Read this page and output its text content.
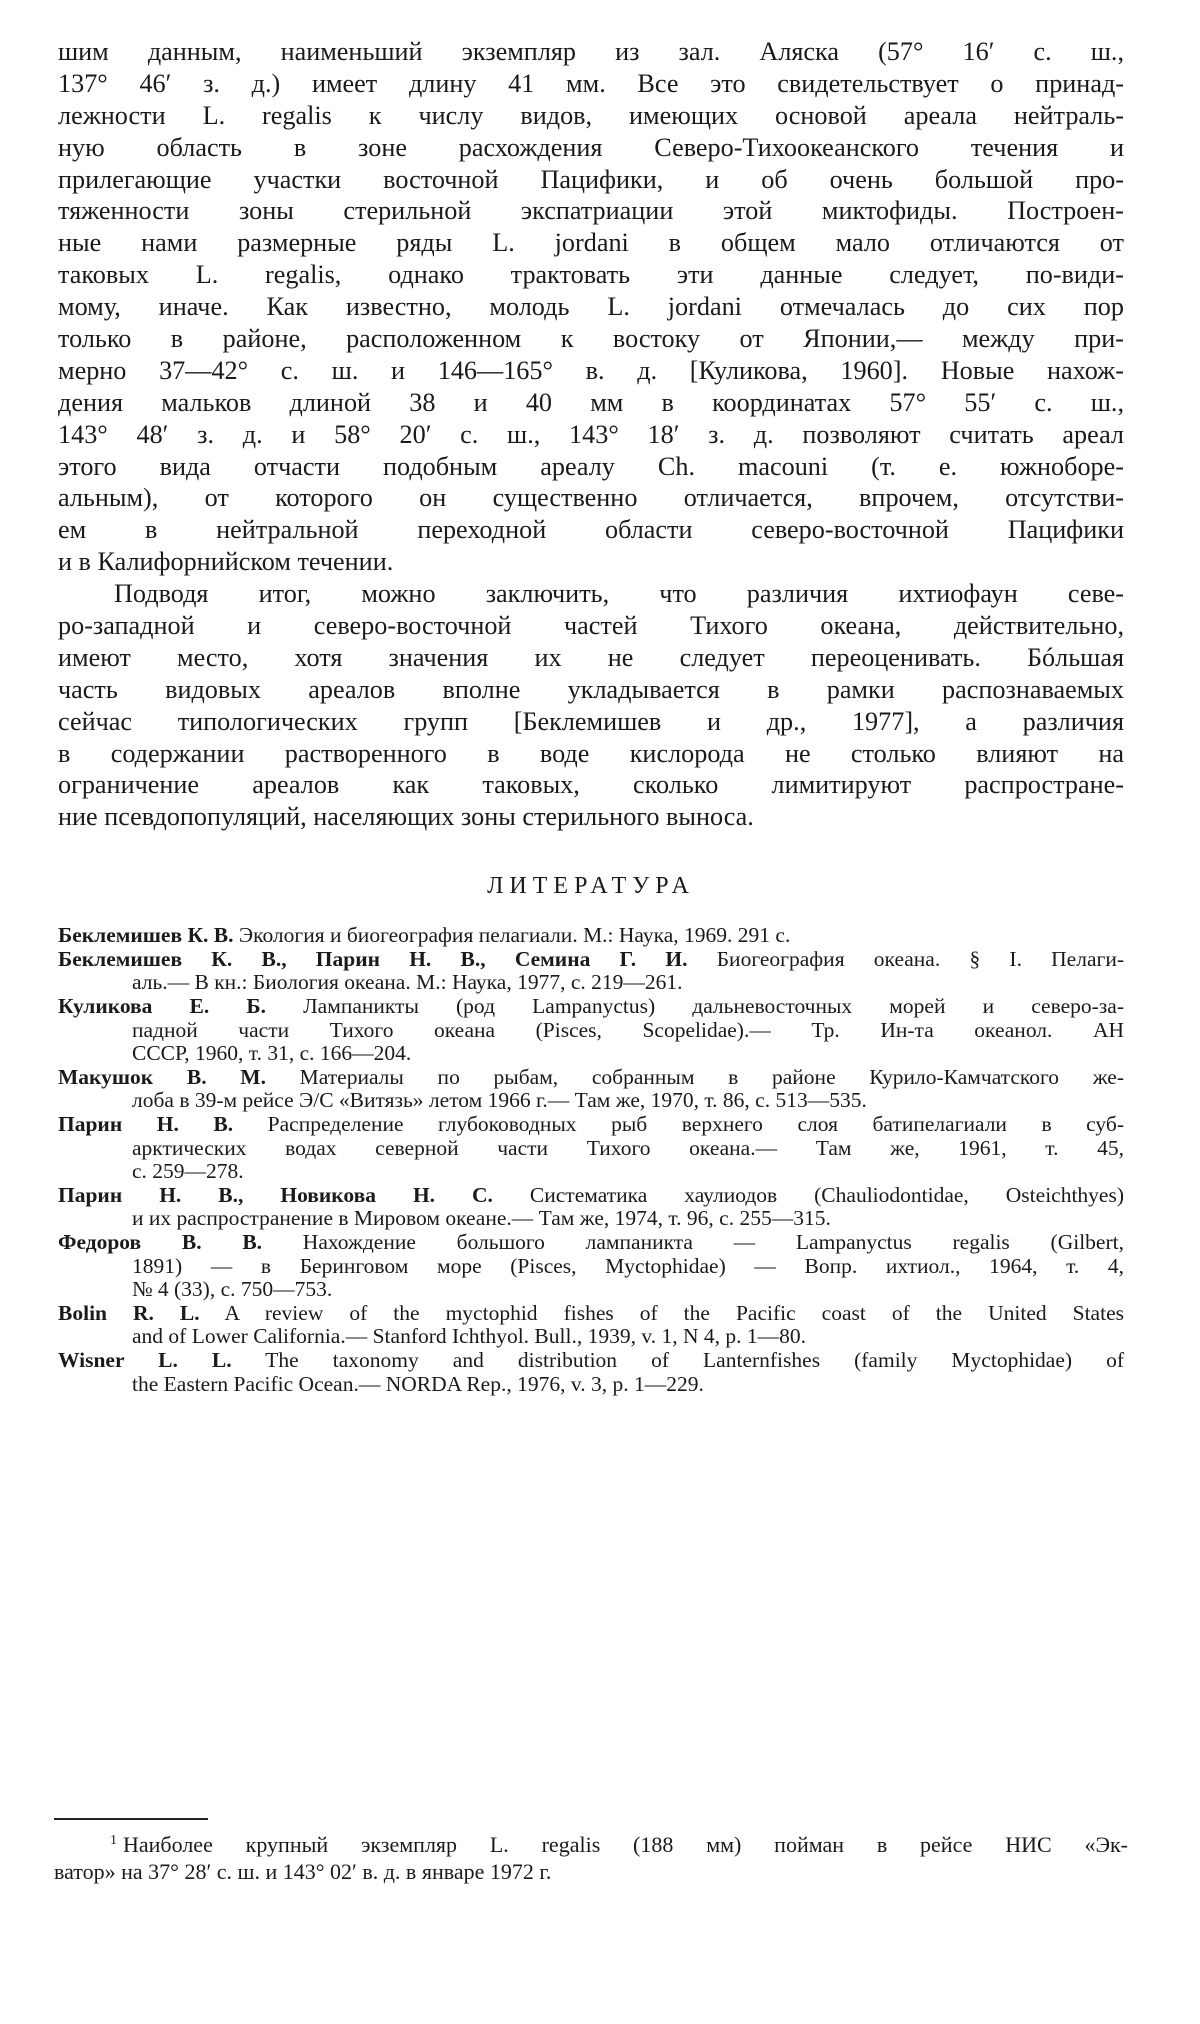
шим данным, наименьший экземпляр из зал. Аляска (57° 16′ с. ш.,
137° 46′ з. д.) имеет длину 41 мм. Все это свидетельствует о принад-
лежности L. regalis к числу видов, имеющих основой ареала нейтраль-
ную область в зоне расхождения Северо-Тихоокеанского течения и
прилегающие участки восточной Пацифики, и об очень большой про-
тяженности зоны стерильной экспатриации этой миктофиды. Построен-
ные нами размерные ряды L. jordani в общем мало отличаются от
таковых L. regalis, однако трактовать эти данные следует, по-види-
мому, иначе. Как известно, молодь L. jordani отмечалась до сих пор
только в районе, расположенном к востоку от Японии,— между при-
мерно 37—42° с. ш. и 146—165° в. д. [Куликова, 1960]. Новые нахож-
дения мальков длиной 38 и 40 мм в координатах 57° 55′ с. ш.,
143° 48′ з. д. и 58° 20′ с. ш., 143° 18′ з. д. позволяют считать ареал
этого вида отчасти подобным ареалу Ch. macouni (т. е. южноборе-
альным), от которого он существенно отличается, впрочем, отсутстви-
ем в нейтральной переходной области северо-восточной Пацифики
и в Калифорнийском течении.
Подводя итог, можно заключить, что различия ихтиофаун севе-
ро-западной и северо-восточной частей Тихого океана, действительно,
имеют место, хотя значения их не следует переоценивать. Бóльшая
часть видовых ареалов вполне укладывается в рамки распознаваемых
сейчас типологических групп [Беклемишев и др., 1977], а различия
в содержании растворенного в воде кислорода не столько влияют на
ограничение ареалов как таковых, сколько лимитируют распростране-
ние псевдопопуляций, населяющих зоны стерильного выноса.
ЛИТЕРАТУРА
Беклемишев К. В. Экология и биогеография пелагиали. М.: Наука, 1969. 291 с.
Беклемишев К. В., Парин Н. В., Семина Г. И. Биогеография океана. § I. Пелаги-
аль.— В кн.: Биология океана. М.: Наука, 1977, с. 219—261.
Куликова Е. Б. Лампаникты (род Lampanyctus) дальневосточных морей и северо-за-
падной части Тихого океана (Pisces, Scopelidae).— Тр. Ин-та океанол. АН
СССР, 1960, т. 31, с. 166—204.
Макушок В. М. Материалы по рыбам, собранным в районе Курило-Камчатского же-
лоба в 39-м рейсе Э/С «Витязь» летом 1966 г.— Там же, 1970, т. 86, с. 513—535.
Парин Н. В. Распределение глубоководных рыб верхнего слоя батипелагиали в суб-
арктических водах северной части Тихого океана.— Там же, 1961, т. 45,
с. 259—278.
Парин Н. В., Новикова Н. С. Систематика хаулиодов (Chauliodontidae, Osteichthyes)
и их распространение в Мировом океане.— Там же, 1974, т. 96, с. 255—315.
Федоров В. В. Нахождение большого лампаникта — Lampanyctus regalis (Gilbert,
1891) — в Беринговом море (Pisces, Myctophidae) — Вопр. ихтиол., 1964, т. 4,
№ 4 (33), с. 750—753.
Bolin R. L. A review of the myctophid fishes of the Pacific coast of the United States
and of Lower California.— Stanford Ichthyol. Bull., 1939, v. 1, N 4, p. 1—80.
Wisner L. L. The taxonomy and distribution of Lanternfishes (family Myctophidae) of
the Eastern Pacific Ocean.— NORDA Rep., 1976, v. 3, p. 1—229.
$^1$ Наиболее крупный экземпляр L. regalis (188 мм) пойман в рейсе НИС «Эк-
ватор» на 37° 28′ с. ш. и 143° 02′ в. д. в январе 1972 г.
